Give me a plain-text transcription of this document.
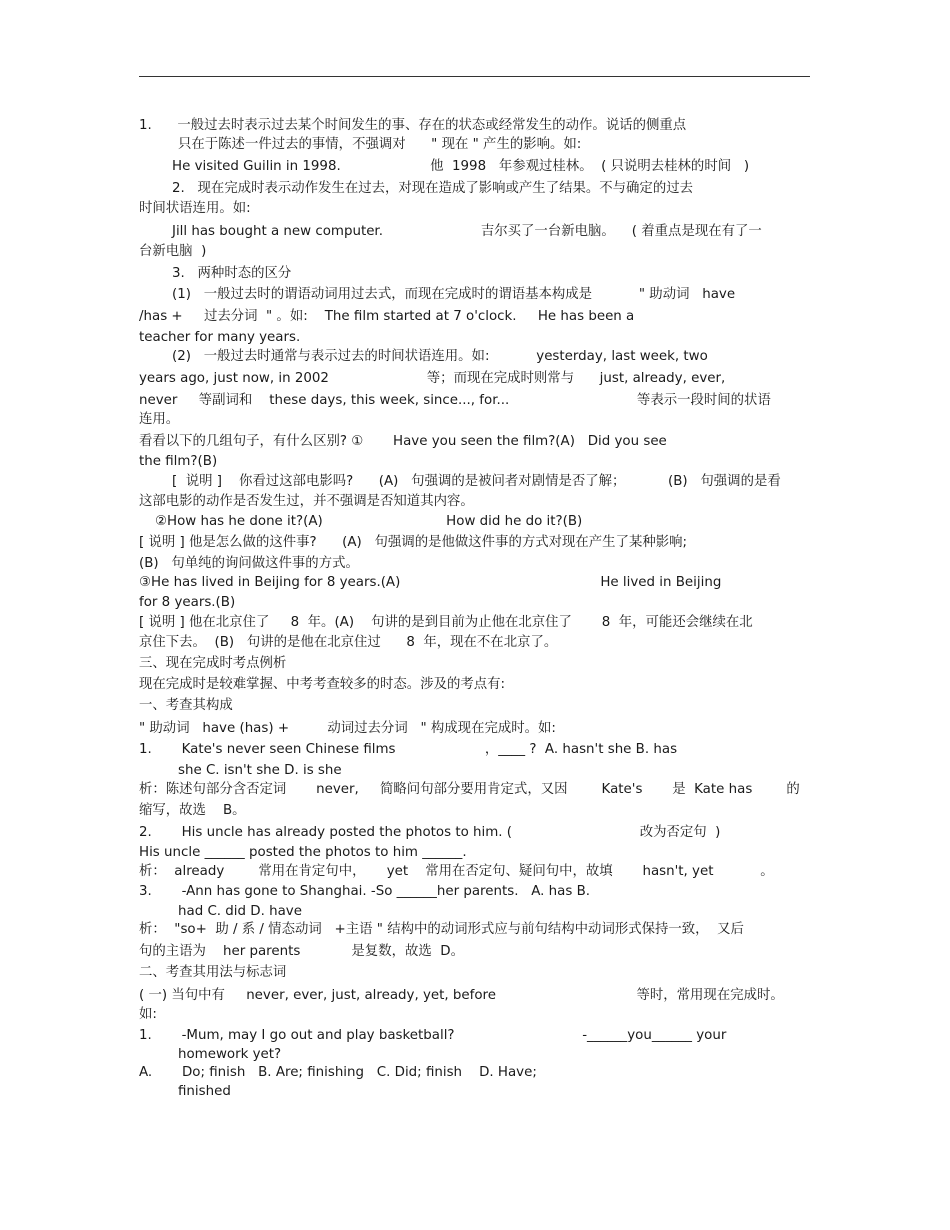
1.      一般过去时表示过去某个时间发生的事、存在的状态或经常发生的动作。说话的侧重点
只在于陈述一件过去的事情，不强调对      " 现在 " 产生的影响。如:
He visited Guilin in 1998.                     他  1998   年参观过桂林。  ( 只说明去桂林的时间   )
2.   现在完成时表示动作发生在过去，对现在造成了影响或产生了结果。不与确定的过去
时间状语连用。如:
Jill has bought a new computer.                       吉尔买了一台新电脑。    ( 着重点是现在有了一
台新电脑  )
3.   两种时态的区分
(1)   一般过去时的谓语动词用过去式，而现在完成时的谓语基本构成是           " 助动词   have
/has +     过去分词  " 。如:    The film started at 7 o'clock.     He has been a
teacher for many years.
(2)   一般过去时通常与表示过去的时间状语连用。如:           yesterday, last week, two
years ago, just now, in 2002                       等；而现在完成时则常与      just, already, ever,
never     等副词和    these days, this week, since..., for...                              等表示一段时间的状语
连用。
看看以下的几组句子，有什么区别? ①       Have you seen the film?(A)   Did you see
the film?(B)
[  说明 ]    你看过这部电影吗?      (A)   句强调的是被问者对剧情是否了解；          (B)   句强调的是看
这部电影的动作是否发生过，并不强调是否知道其内容。
②How has he done it?(A)                             How did he do it?(B)
[ 说明 ] 他是怎么做的这件事?      (A)   句强调的是他做这件事的方式对现在产生了某种影响;
(B)   句单纯的询问做这件事的方式。
③He has lived in Beijing for 8 years.(A)                                               He lived in Beijing
for 8 years.(B)
[ 说明 ] 他在北京住了     8  年。(A)    句讲的是到目前为止他在北京住了       8  年，可能还会继续在北
京住下去。  (B)   句讲的是他在北京住过      8  年，现在不在北京了。
三、现在完成时考点例析
现在完成时是较难掌握、中考考查较多的时态。涉及的考点有:
一、考查其构成
" 助动词   have (has) +         动词过去分词   " 构成现在完成时。如:
1.       Kate's never seen Chinese films                     ，____ ?  A. hasn't she B. has
she C. isn't she D. is she
析：陈述句部分含否定词       never,     简略问句部分要用肯定式，又因        Kate's       是  Kate has        的
缩写，故选    B。
2.       His uncle has already posted the photos to him. (                              改为否定句  )
His uncle ______ posted the photos to him ______.
析：  already        常用在肯定句中，     yet    常用在否定句、疑问句中，故填       hasn't, yet           。
3.       -Ann has gone to Shanghai. -So ______her parents.   A. has B.
had C. did D. have
析：  "so+  助 / 系 / 情态动词   +主语 " 结构中的动词形式应与前句结构中动词形式保持一致，  又后
句的主语为    her parents            是复数，故选  D。
二、考查其用法与标志词
( 一) 当句中有     never, ever, just, already, yet, before                                 等时，常用现在完成时。
如:
1.       -Mum, may I go out and play basketball?                              -______you______ your
homework yet?
A.       Do; finish   B. Are; finishing   C. Did; finish    D. Have;
finished
